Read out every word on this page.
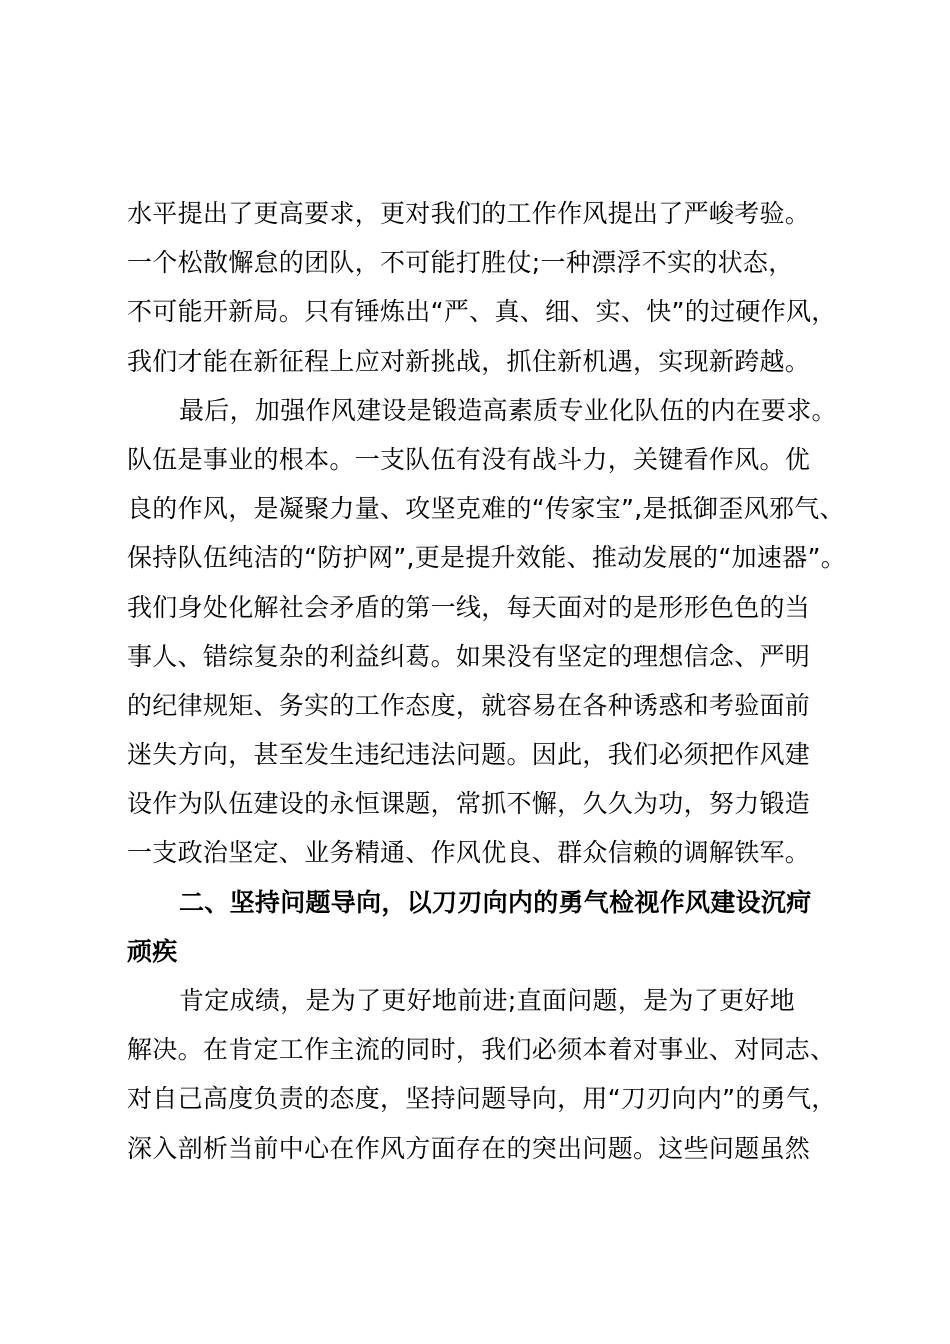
水平提出了更高要求，更对我们的工作作风提出了严峻考验。
一个松散懈怠的团队，不可能打胜仗;一种漂浮不实的状态，
不可能开新局。只有锤炼出“严、真、细、实、快”的过硬作风，
我们才能在新征程上应对新挑战，抓住新机遇，实现新跨越。
最后，加强作风建设是锻造高素质专业化队伍的内在要求。
队伍是事业的根本。一支队伍有没有战斗力，关键看作风。优
良的作风，是凝聚力量、攻坚克难的“传家宝”,是抵御歪风邪气、
保持队伍纯洁的“防护网”,更是提升效能、推动发展的“加速器”。
我们身处化解社会矛盾的第一线，每天面对的是形形色色的当
事人、错综复杂的利益纠葛。如果没有坚定的理想信念、严明
的纪律规矩、务实的工作态度，就容易在各种诱惑和考验面前
迷失方向，甚至发生违纪违法问题。因此，我们必须把作风建
设作为队伍建设的永恒课题，常抓不懈，久久为功，努力锻造
一支政治坚定、业务精通、作风优良、群众信赖的调解铁军。
二、坚持问题导向，以刀刃向内的勇气检视作风建设沉疴
顽疾
肯定成绩，是为了更好地前进;直面问题，是为了更好地
解决。在肯定工作主流的同时，我们必须本着对事业、对同志、
对自己高度负责的态度，坚持问题导向，用“刀刃向内”的勇气，
深入剖析当前中心在作风方面存在的突出问题。这些问题虽然
